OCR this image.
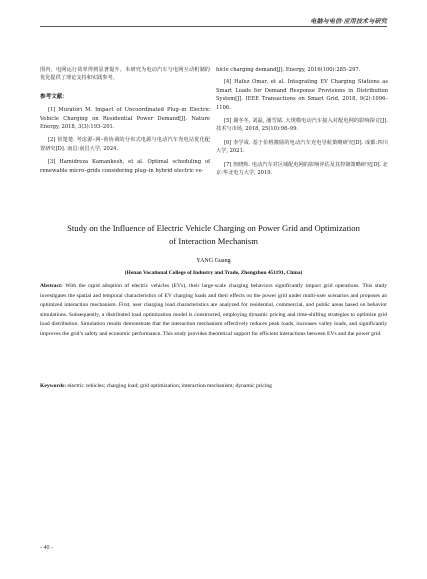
电脑与电信·应用技术与研究

围内，电网运行效率得到显著提升。本研究为电动汽车与电网互动机制的优化提供了理论支持和实践参考。

参考文献：

[1] Muratori M. Impact of Uncoordinated Plug–in Electric Vehicle Charging on Residential Power Demand[J]. Nature Energy, 2018, 3(3):193–201.

[2] 侯楚楚. 考虑源–网–荷协调的分布式电源与电动汽车充电站优化配置研究[D]. 南昌:南昌大学, 2024.

[3] Hamidreza Kamankesh, et al. Optimal scheduling of renewable micro–grids considering plug–in hybrid electric ve-

hicle charging demand[J]. Energy, 2016(100):285–297.

[4] Hafez Omar, et al. Integrating EV Charging Stations as Smart Loads for Demand Response Provisions in Distribution System[J]. IEEE Transactions on Smart Grid, 2018, 9(2):1096–1106.

[5] 谢冬冬, 刘磊, 潘雪婧. 大规模电动汽车接入对配电网的影响探讨[J]. 技术与市场, 2018, 25(10):98–99.

[6] 李学成. 基于价格激励的电动汽车充电导航策略研究[D]. 成都:四川大学, 2021.

[7] 詹晓辉. 电动汽车对区域配电网的影响评估及其控制策略研究[D]. 北京:华北电力大学, 2019.

Study on the Influence of Electric Vehicle Charging on Power Grid and Optimization
of Interaction Mechanism
YANG Guang
(Henan Vocational College of Industry and Trade, Zhengzhou 451191, China)
Abstract: With the rapid adoption of electric vehicles (EVs), their large-scale charging behaviors significantly impact grid operations. This study investigates the spatial and temporal characteristics of EV charging loads and their effects on the power grid under multi-user scenarios and proposes an optimized interaction mechanism. First, user charging load characteristics are analyzed for residential, commercial, and public areas based on behavior simulations. Subsequently, a distributed load optimization model is constructed, employing dynamic pricing and time-shifting strategies to optimize grid load distribution. Simulation results demonstrate that the interaction mechanism effectively reduces peak loads, increases valley loads, and significantly improves the grid’s safety and economic performance. This study provides theoretical support for efficient interactions between EVs and the power grid.
Keywords: electric vehicles; charging load; grid optimization; interaction mechanism; dynamic pricing
- 40 -
